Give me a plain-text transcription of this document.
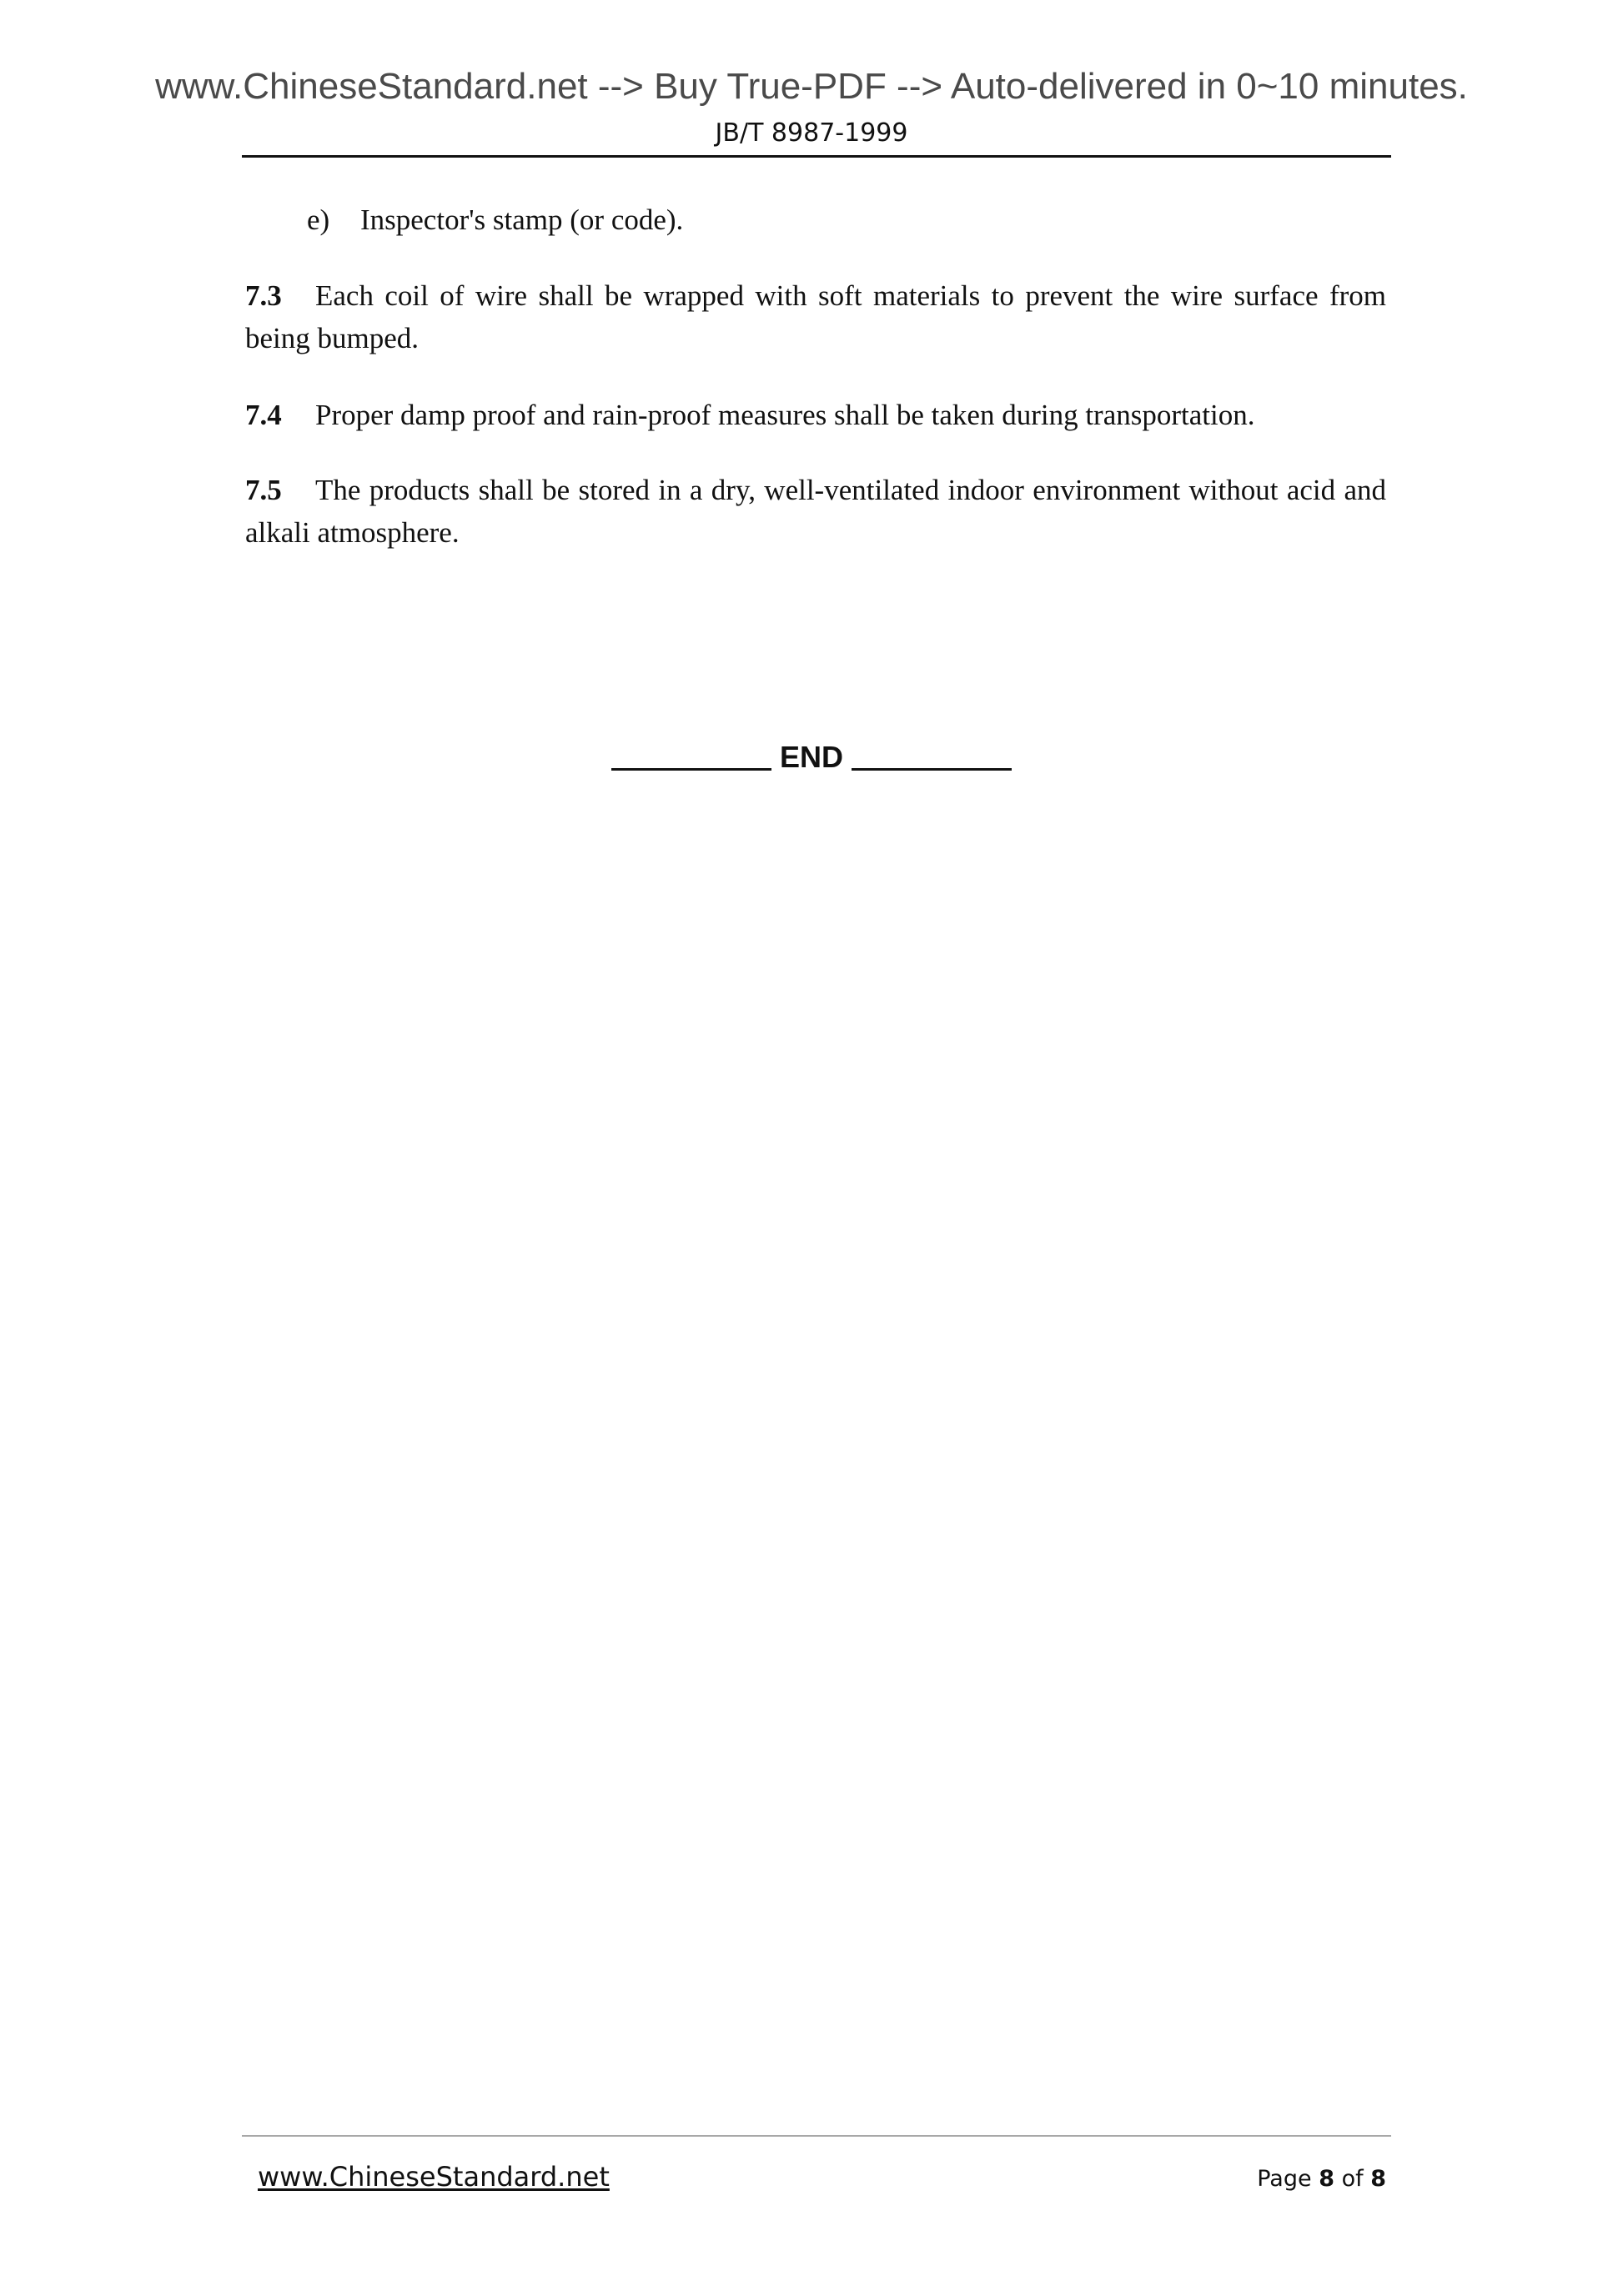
www.ChineseStandard.net --> Buy True-PDF --> Auto-delivered in 0~10 minutes.
JB/T 8987-1999
e) Inspector's stamp (or code).
7.3 Each coil of wire shall be wrapped with soft materials to prevent the wire surface from being bumped.
7.4 Proper damp proof and rain-proof measures shall be taken during transportation.
7.5 The products shall be stored in a dry, well-ventilated indoor environment without acid and alkali atmosphere.
END
www.ChineseStandard.net	Page 8 of 8
